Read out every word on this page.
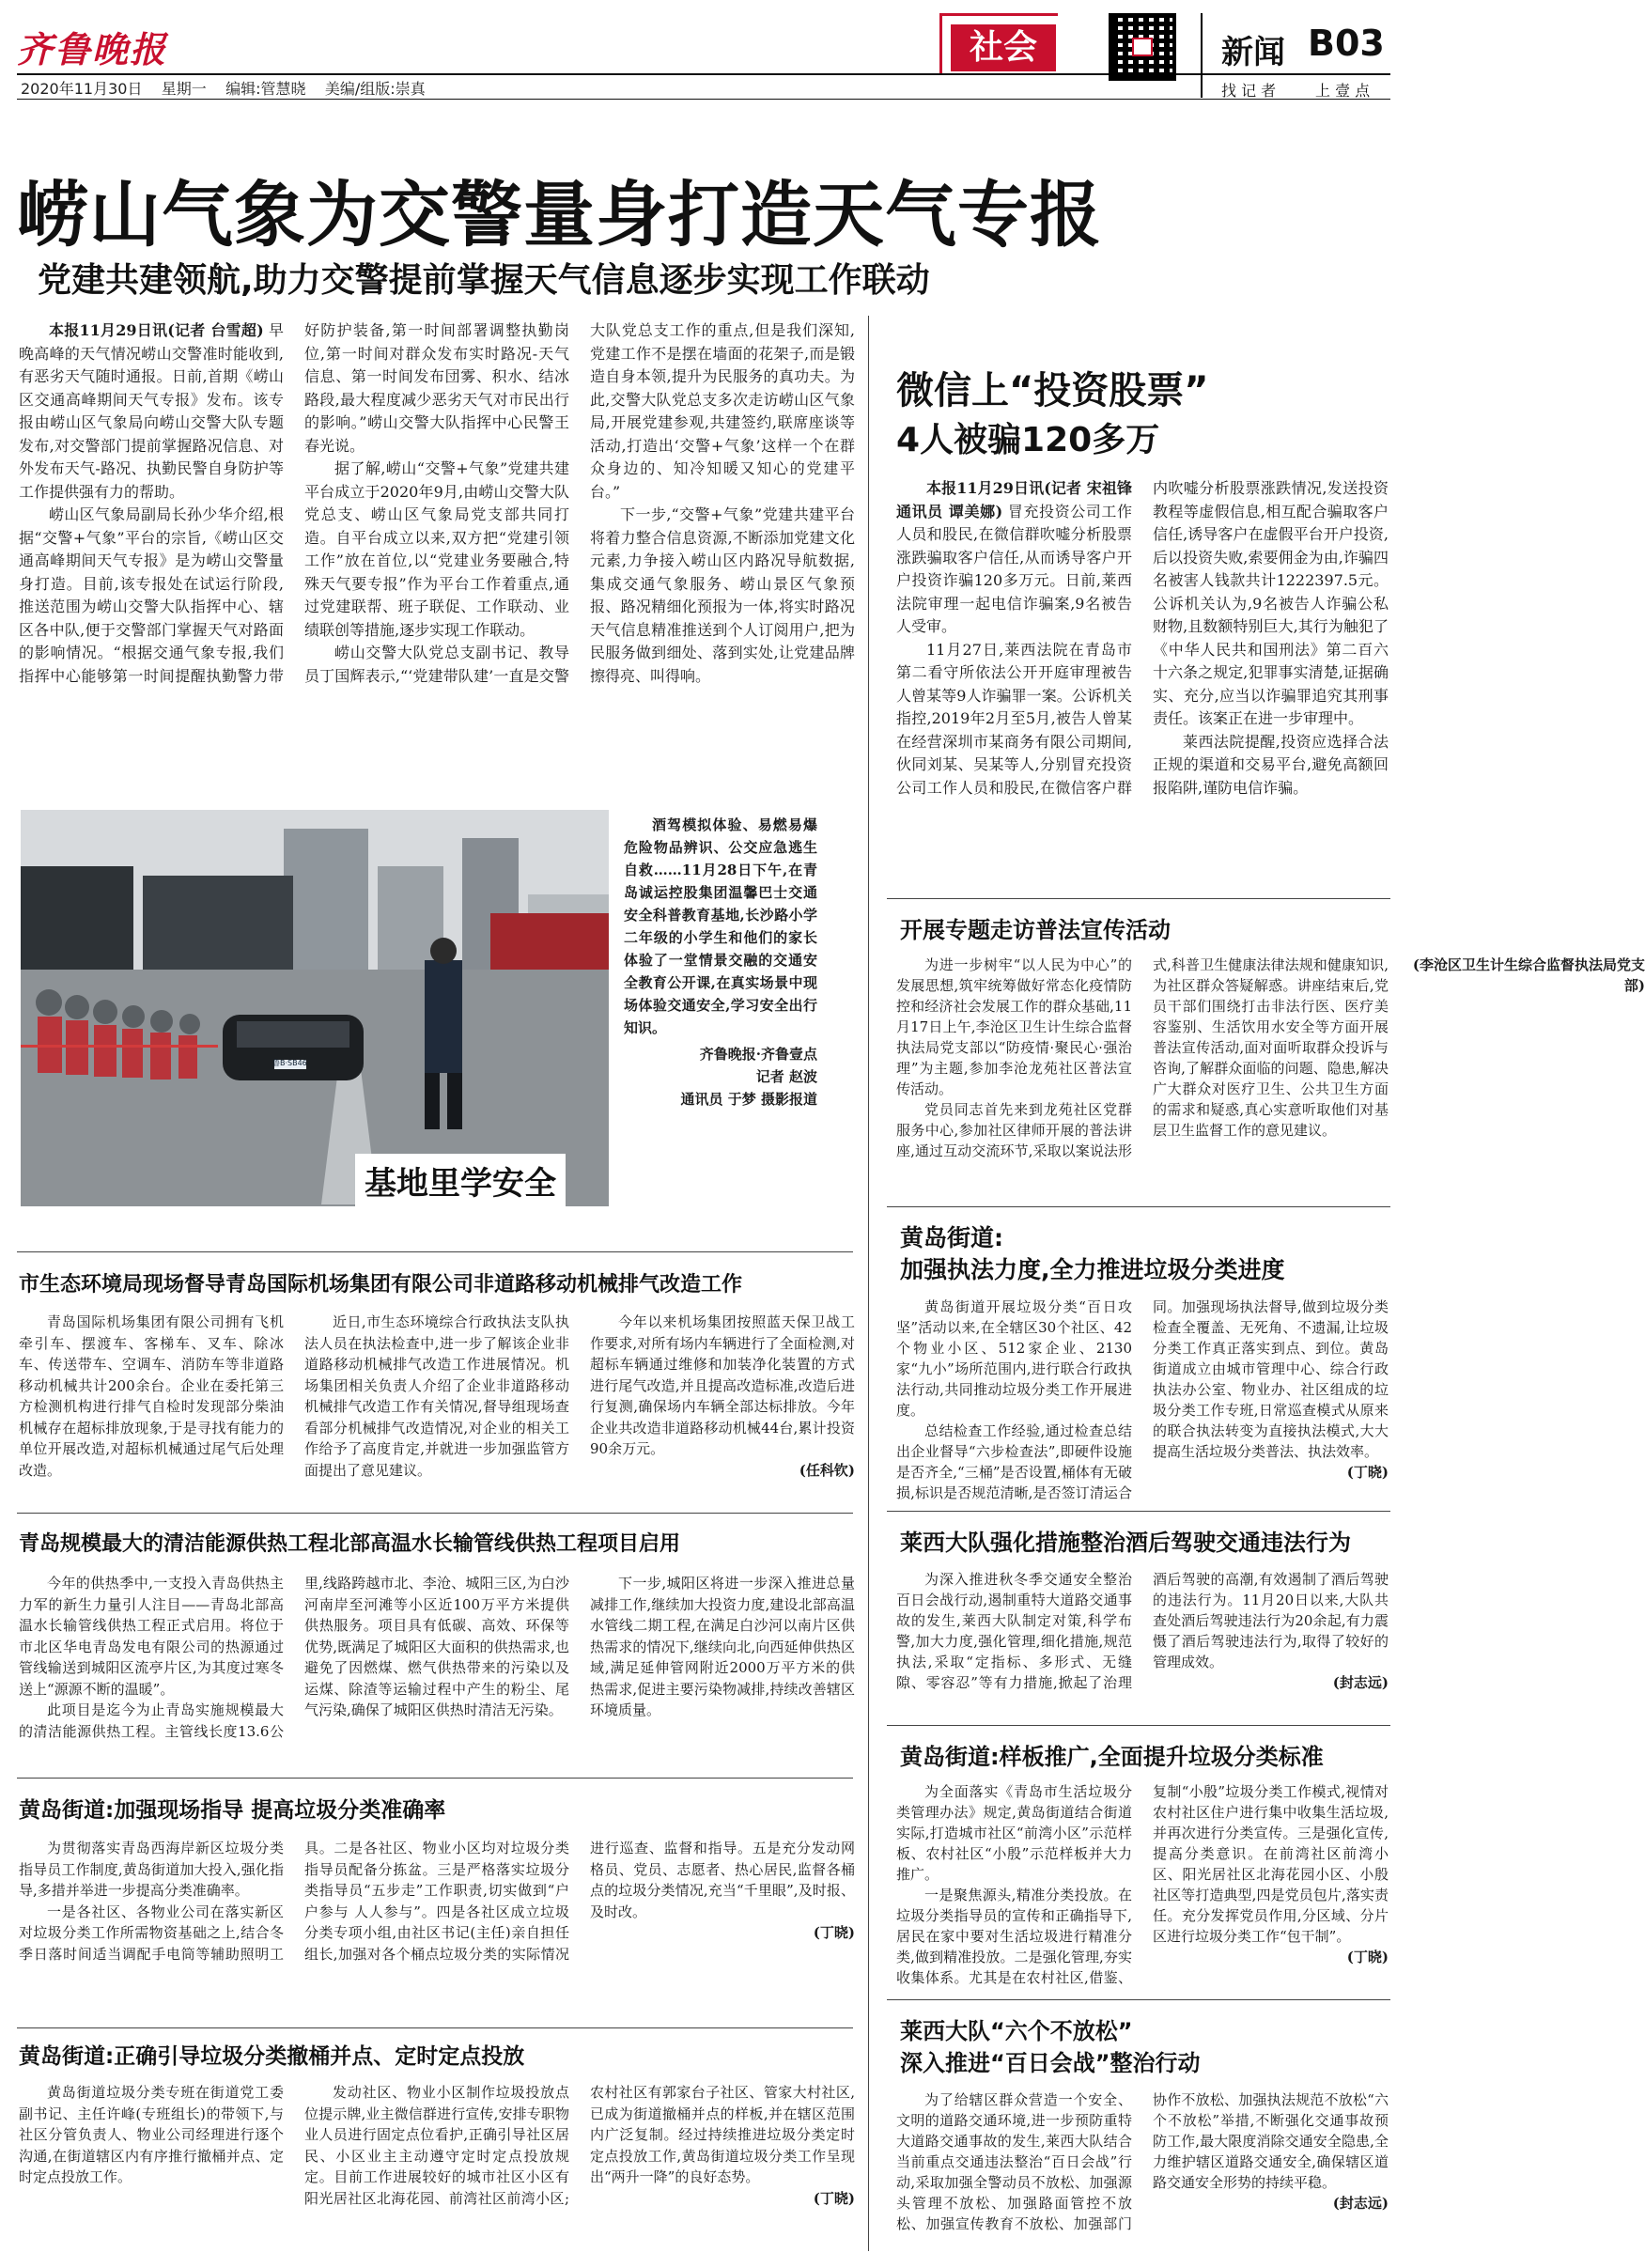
齐鲁晚报
2020年11月30日 星期一 编辑:管慧晓 美编/组版:崇真
社会	新闻 B03
找 记 者	上 壹 点
崂山气象为交警量身打造天气专报
党建共建领航,助力交警提前掌握天气信息逐步实现工作联动

本报11月29日讯(记者 台雪超) 早晚高峰的天气情况崂山交警准时能收到,有恶劣天气随时通报。日前,首期《崂山区交通高峰期间天气专报》发布。该专报由崂山区气象局向崂山交警大队专题发布,对交警部门提前掌握路况信息、对外发布天气-路况、执勤民警自身防护等工作提供强有力的帮助。

崂山区气象局副局长孙少华介绍,根据“交警+气象”平台的宗旨,《崂山区交通高峰期间天气专报》是为崂山交警量身打造。目前,该专报处在试运行阶段,推送范围为崂山交警大队指挥中心、辖区各中队,便于交警部门掌握天气对路面的影响情况。“根据交通气象专报,我们指挥中心能够第一时间提醒执勤警力带好防护装备,第一时间部署调整执勤岗位,第一时间对群众发布实时路况-天气信息、第一时间发布団雾、积水、结冰路段,最大程度减少恶劣天气对市民出行的影响。”崂山交警大队指挥中心民警王春光说。

据了解,崂山“交警+气象”党建共建平台成立于2020年9月,由崂山交警大队党总支、崂山区气象局党支部共同打造。自平台成立以来,双方把“党建引领工作”放在首位,以“党建业务要融合,特殊天气要专报”作为平台工作着重点,通过党建联帮、班子联促、工作联动、业绩联创等措施,逐步实现工作联动。

崂山交警大队党总支副书记、教导员丁国辉表示,“‘党建带队建’一直是交警大队党总支工作的重点,但是我们深知,党建工作不是摆在墙面的花架子,而是锻造自身本领,提升为民服务的真功夫。为此,交警大队党总支多次走访崂山区气象局,开展党建参观,共建签约,联席座谈等活动,打造出‘交警+气象’这样一个在群众身边的、知冷知暖又知心的党建平台。”

下一步,“交警+气象”党建共建平台将着力整合信息资源,不断添加党建文化元素,力争接入崂山区内路况导航数据,集成交通气象服务、崂山景区气象预报、路况精细化预报为一体,将实时路况天气信息精准推送到个人订阅用户,把为民服务做到细处、落到实处,让党建品牌擦得亮、叫得响。

鲁B·SB46
基地里学安全

酒驾模拟体验、易燃易爆危险物品辨识、公交应急逃生自救……11月28日下午,在青岛诚运控股集团温馨巴士交通安全科普教育基地,长沙路小学二年级的小学生和他们的家长体验了一堂情景交融的交通安全教育公开课,在真实场景中现场体验交通安全,学习安全出行知识。

齐鲁晚报·齐鲁壹点
记者 赵波
通讯员 于梦 摄影报道
微信上“投资股票”
4人被骗120多万

本报11月29日讯(记者 宋祖锋 通讯员 谭美娜) 冒充投资公司工作人员和股民,在微信群吹嘘分析股票涨跌骗取客户信任,从而诱导客户开户投资诈骗120多万元。日前,莱西法院审理一起电信诈骗案,9名被告人受审。

11月27日,莱西法院在青岛市第二看守所依法公开开庭审理被告人曾某等9人诈骗罪一案。公诉机关指控,2019年2月至5月,被告人曾某在经营深圳市某商务有限公司期间,伙同刘某、吴某等人,分别冒充投资公司工作人员和股民,在微信客户群内吹嘘分析股票涨跌情况,发送投资教程等虚假信息,相互配合骗取客户信任,诱导客户在虚假平台开户投资,后以投资失败,索要佣金为由,诈骗四名被害人钱款共计1222397.5元。公诉机关认为,9名被告人诈骗公私财物,且数额特别巨大,其行为触犯了《中华人民共和国刑法》第二百六十六条之规定,犯罪事实清楚,证据确实、充分,应当以诈骗罪追究其刑事责任。该案正在进一步审理中。

莱西法院提醒,投资应选择合法正规的渠道和交易平台,避免高额回报陷阱,谨防电信诈骗。

开展专题走访普法宣传活动

为进一步树牢“以人民为中心”的发展思想,筑牢统筹做好常态化疫情防控和经济社会发展工作的群众基础,11月17日上午,李沧区卫生计生综合监督执法局党支部以“防疫情·聚民心·强治理”为主题,参加李沧龙苑社区普法宣传活动。

党员同志首先来到龙苑社区党群服务中心,参加社区律师开展的普法讲座,通过互动交流环节,采取以案说法形式,科普卫生健康法律法规和健康知识,为社区群众答疑解惑。讲座结束后,党员干部们围绕打击非法行医、医疗美容鉴别、生活饮用水安全等方面开展普法宣传活动,面对面听取群众投诉与咨询,了解群众面临的问题、隐患,解决广大群众对医疗卫生、公共卫生方面的需求和疑惑,真心实意听取他们对基层卫生监督工作的意见建议。

(李沧区卫生计生综合监督执法局党支部)
黄岛街道:
加强执法力度,全力推进垃圾分类进度

黄岛街道开展垃圾分类“百日攻坚”活动以来,在全辖区30个社区、42个物业小区、512家企业、2130家“九小”场所范围内,进行联合行政执法行动,共同推动垃圾分类工作开展进度。

总结检查工作经验,通过检查总结出企业督导“六步检查法”,即硬件设施是否齐全,“三桶”是否设置,桶体有无破损,标识是否规范清晰,是否签订清运合同。加强现场执法督导,做到垃圾分类检查全覆盖、无死角、不遗漏,让垃圾分类工作真正落实到点、到位。黄岛街道成立由城市管理中心、综合行政执法办公室、物业办、社区组成的垃圾分类工作专班,日常巡查模式从原来的联合执法转变为直接执法模式,大大提高生活垃圾分类普法、执法效率。

(丁晓)
莱西大队强化措施整治酒后驾驶交通违法行为

为深入推进秋冬季交通安全整治百日会战行动,遏制重特大道路交通事故的发生,莱西大队制定对策,科学布警,加大力度,强化管理,细化措施,规范执法,采取“定指标、多形式、无缝隙、零容忍”等有力措施,掀起了治理酒后驾驶的高潮,有效遏制了酒后驾驶的违法行为。11月20日以来,大队共查处酒后驾驶违法行为20余起,有力震慑了酒后驾驶违法行为,取得了较好的管理成效。

(封志远)
黄岛街道:样板推广,全面提升垃圾分类标准

为全面落实《青岛市生活垃圾分类管理办法》规定,黄岛街道结合街道实际,打造城市社区“前湾小区”示范样板、农村社区“小殷”示范样板并大力推广。

一是聚焦源头,精准分类投放。在垃圾分类指导员的宣传和正确指导下,居民在家中要对生活垃圾进行精准分类,做到精准投放。二是强化管理,夯实收集体系。尤其是在农村社区,借鉴、复制“小殷”垃圾分类工作模式,视情对农村社区住户进行集中收集生活垃圾,并再次进行分类宣传。三是强化宣传,提高分类意识。在前湾社区前湾小区、阳光居社区北海花园小区、小殷社区等打造典型,四是党员包片,落实责任。充分发挥党员作用,分区域、分片区进行垃圾分类工作“包干制”。

(丁晓)
莱西大队“六个不放松”
深入推进“百日会战”整治行动

为了给辖区群众营造一个安全、文明的道路交通环境,进一步预防重特大道路交通事故的发生,莱西大队结合当前重点交通违法整治“百日会战”行动,采取加强全警动员不放松、加强源头管理不放松、加强路面管控不放松、加强宣传教育不放松、加强部门协作不放松、加强执法规范不放松“六个不放松”举措,不断强化交通事故预防工作,最大限度消除交通安全隐患,全力维护辖区道路交通安全,确保辖区道路交通安全形势的持续平稳。

(封志远)
市生态环境局现场督导青岛国际机场集团有限公司非道路移动机械排气改造工作

青岛国际机场集团有限公司拥有飞机牵引车、摆渡车、客梯车、叉车、除冰车、传送带车、空调车、消防车等非道路移动机械共计200余台。企业在委托第三方检测机构进行排气自检时发现部分柴油机械存在超标排放现象,于是寻找有能力的单位开展改造,对超标机械通过尾气后处理改造。

近日,市生态环境综合行政执法支队执法人员在执法检查中,进一步了解该企业非道路移动机械排气改造工作进展情况。机场集团相关负责人介绍了企业非道路移动机械排气改造工作有关情况,督导组现场查看部分机械排气改造情况,对企业的相关工作给予了高度肯定,并就进一步加强监管方面提出了意见建议。

今年以来机场集团按照蓝天保卫战工作要求,对所有场内车辆进行了全面检测,对超标车辆通过维修和加装净化装置的方式进行尾气改造,并且提高改造标准,改造后进行复测,确保场内车辆全部达标排放。今年企业共改造非道路移动机械44台,累计投资90余万元。

(任科钦)
青岛规模最大的清洁能源供热工程北部高温水长输管线供热工程项目启用

今年的供热季中,一支投入青岛供热主力军的新生力量引人注目——青岛北部高温水长输管线供热工程正式启用。将位于市北区华电青岛发电有限公司的热源通过管线输送到城阳区流亭片区,为其度过寒冬送上“源源不断的温暖”。

此项目是迄今为止青岛实施规模最大的清洁能源供热工程。主管线长度13.6公里,线路跨越市北、李沧、城阳三区,为白沙河南岸至河滩等小区近100万平方米提供供热服务。项目具有低碳、高效、环保等优势,既满足了城阳区大面积的供热需求,也避免了因燃煤、燃气供热带来的污染以及运煤、除渣等运输过程中产生的粉尘、尾气污染,确保了城阳区供热时清洁无污染。

下一步,城阳区将进一步深入推进总量减排工作,继续加大投资力度,建设北部高温水管线二期工程,在满足白沙河以南片区供热需求的情况下,继续向北,向西延伸供热区域,满足延伸管网附近2000万平方米的供热需求,促进主要污染物减排,持续改善辖区环境质量。

黄岛街道:加强现场指导 提高垃圾分类准确率

为贯彻落实青岛西海岸新区垃圾分类指导员工作制度,黄岛街道加大投入,强化指导,多措并举进一步提高分类准确率。

一是各社区、各物业公司在落实新区对垃圾分类工作所需物资基础之上,结合冬季日落时间适当调配手电筒等辅助照明工具。二是各社区、物业小区均对垃圾分类指导员配备分拣盆。三是严格落实垃圾分类指导员“五步走”工作职责,切实做到“户户参与 人人参与”。四是各社区成立垃圾分类专项小组,由社区书记(主任)亲自担任组长,加强对各个桶点垃圾分类的实际情况进行巡查、监督和指导。五是充分发动网格员、党员、志愿者、热心居民,监督各桶点的垃圾分类情况,充当“千里眼”,及时报、及时改。

(丁晓)
黄岛街道:正确引导垃圾分类撤桶并点、定时定点投放

黄岛街道垃圾分类专班在街道党工委副书记、主任许峰(专班组长)的带领下,与社区分管负责人、物业公司经理进行逐个沟通,在街道辖区内有序推行撤桶并点、定时定点投放工作。

发动社区、物业小区制作垃圾投放点位提示牌,业主微信群进行宣传,安排专职物业人员进行固定点位看护,正确引导社区居民、小区业主主动遵守定时定点投放规定。目前工作进展较好的城市社区小区有阳光居社区北海花园、前湾社区前湾小区;农村社区有郭家台子社区、管家大村社区,已成为街道撤桶并点的样板,并在辖区范围内广泛复制。经过持续推进垃圾分类定时定点投放工作,黄岛街道垃圾分类工作呈现出“两升一降”的良好态势。

(丁晓)
